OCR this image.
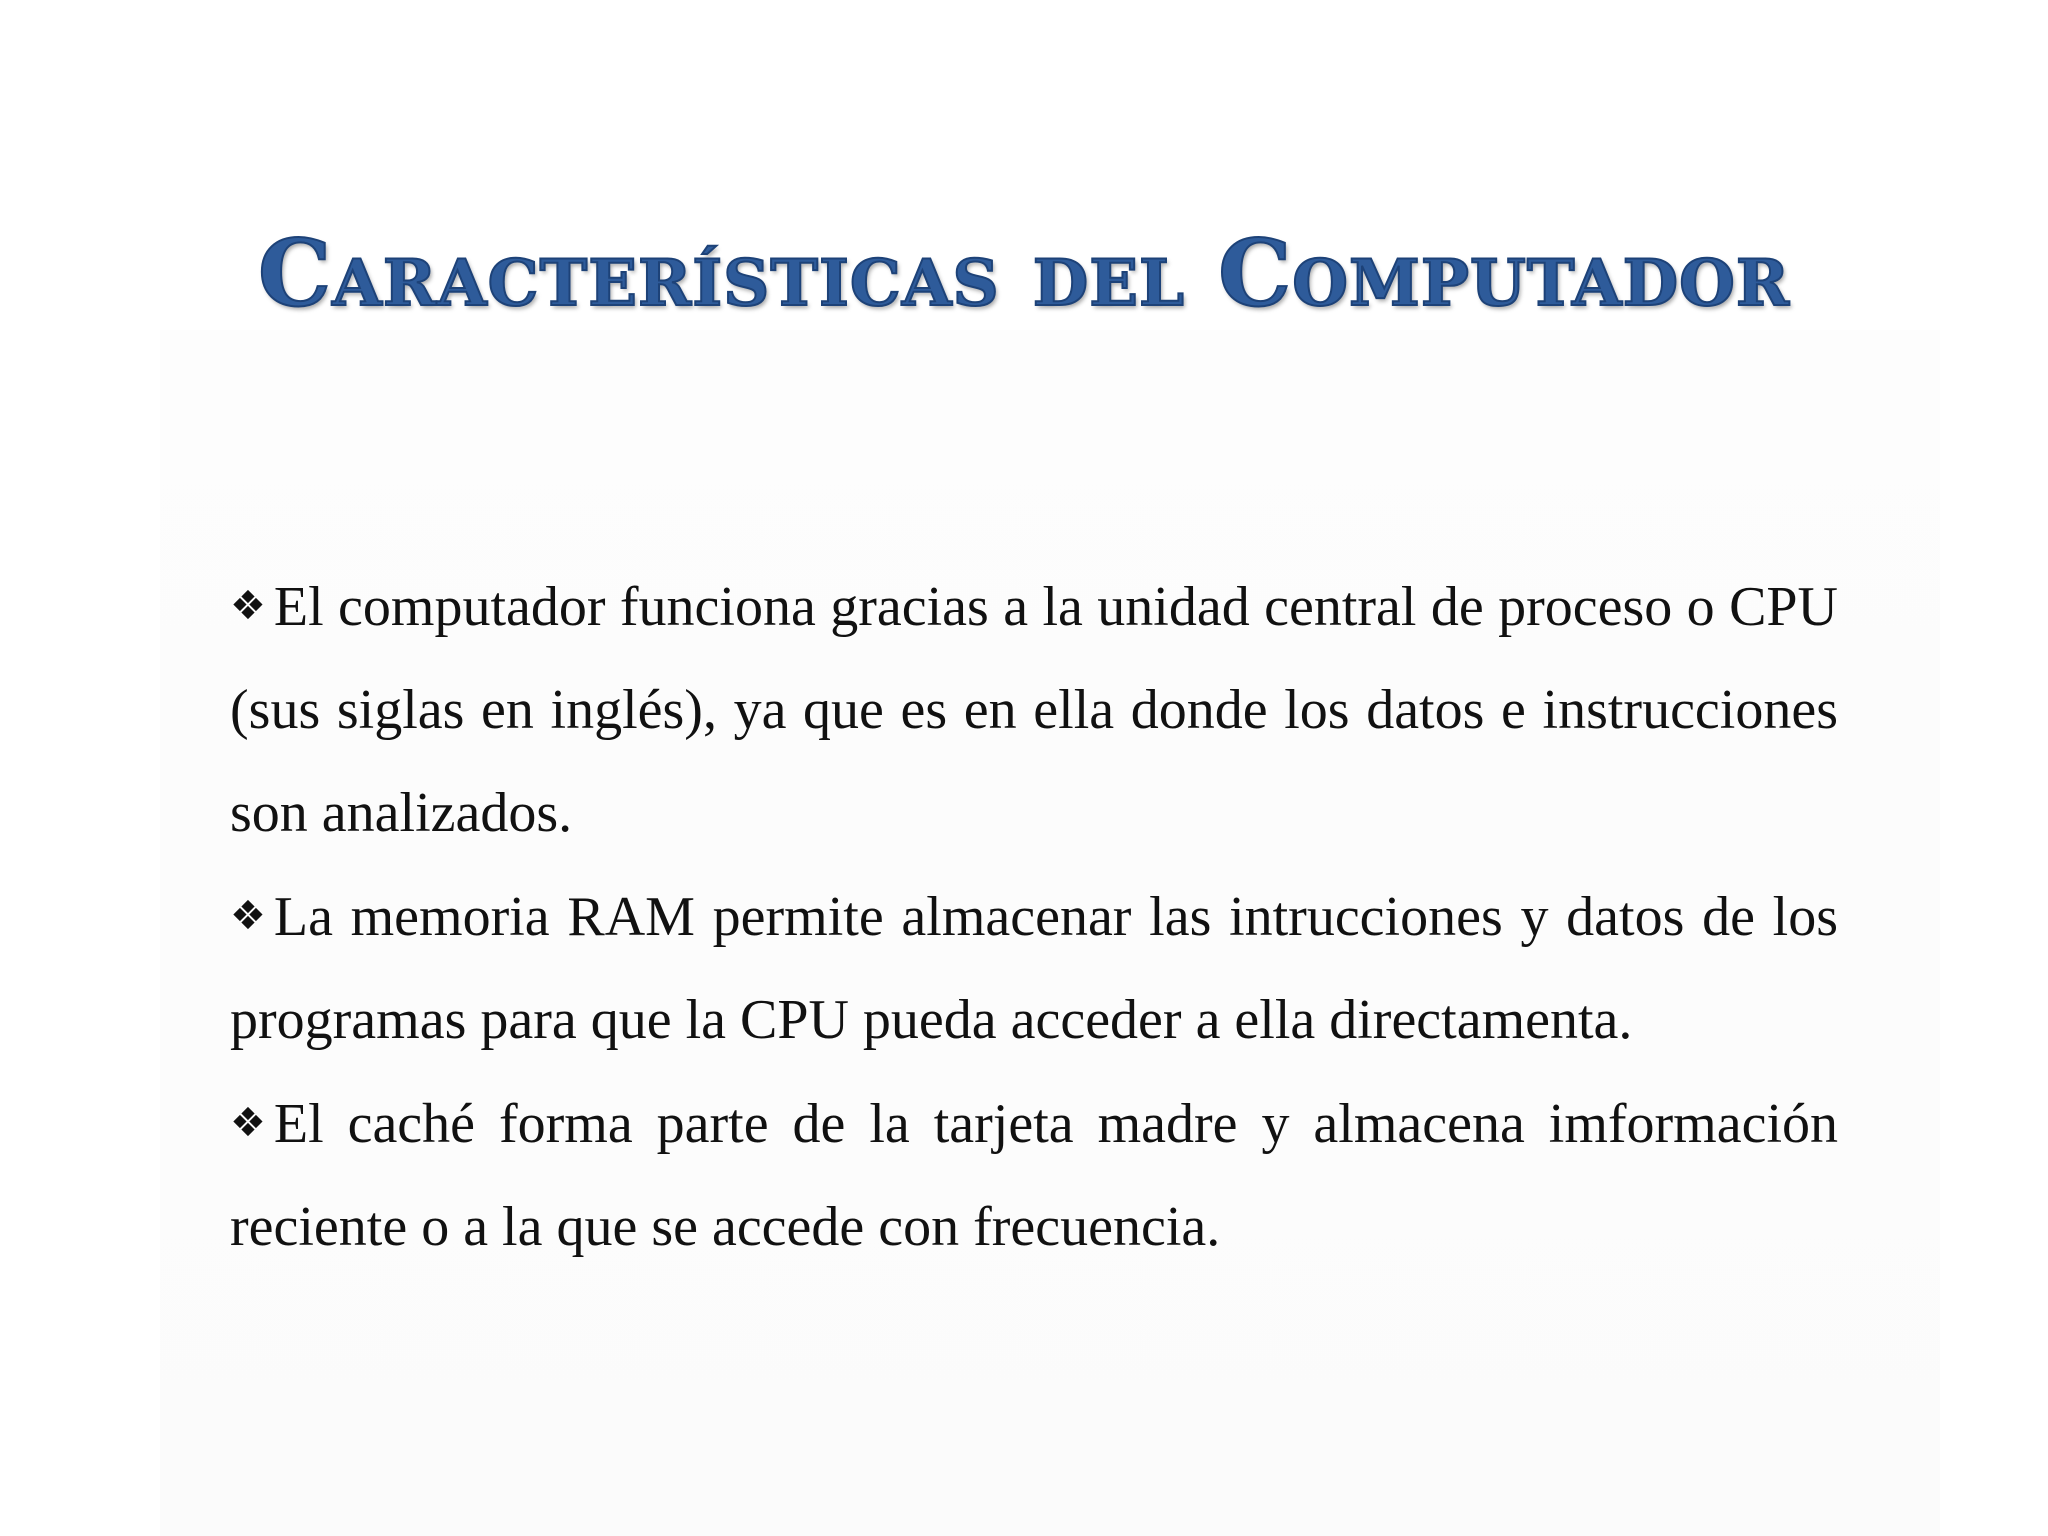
Características del Computador

❖ El computador funciona gracias a la unidad central de proceso o CPU (sus siglas en inglés), ya que es en ella donde los datos e instrucciones son analizados.

❖ La memoria RAM permite almacenar las intrucciones y datos de los programas para que la CPU pueda acceder a ella directamenta.

❖ El caché forma parte de la tarjeta madre y almacena imformación reciente o a la que se accede con frecuencia.
